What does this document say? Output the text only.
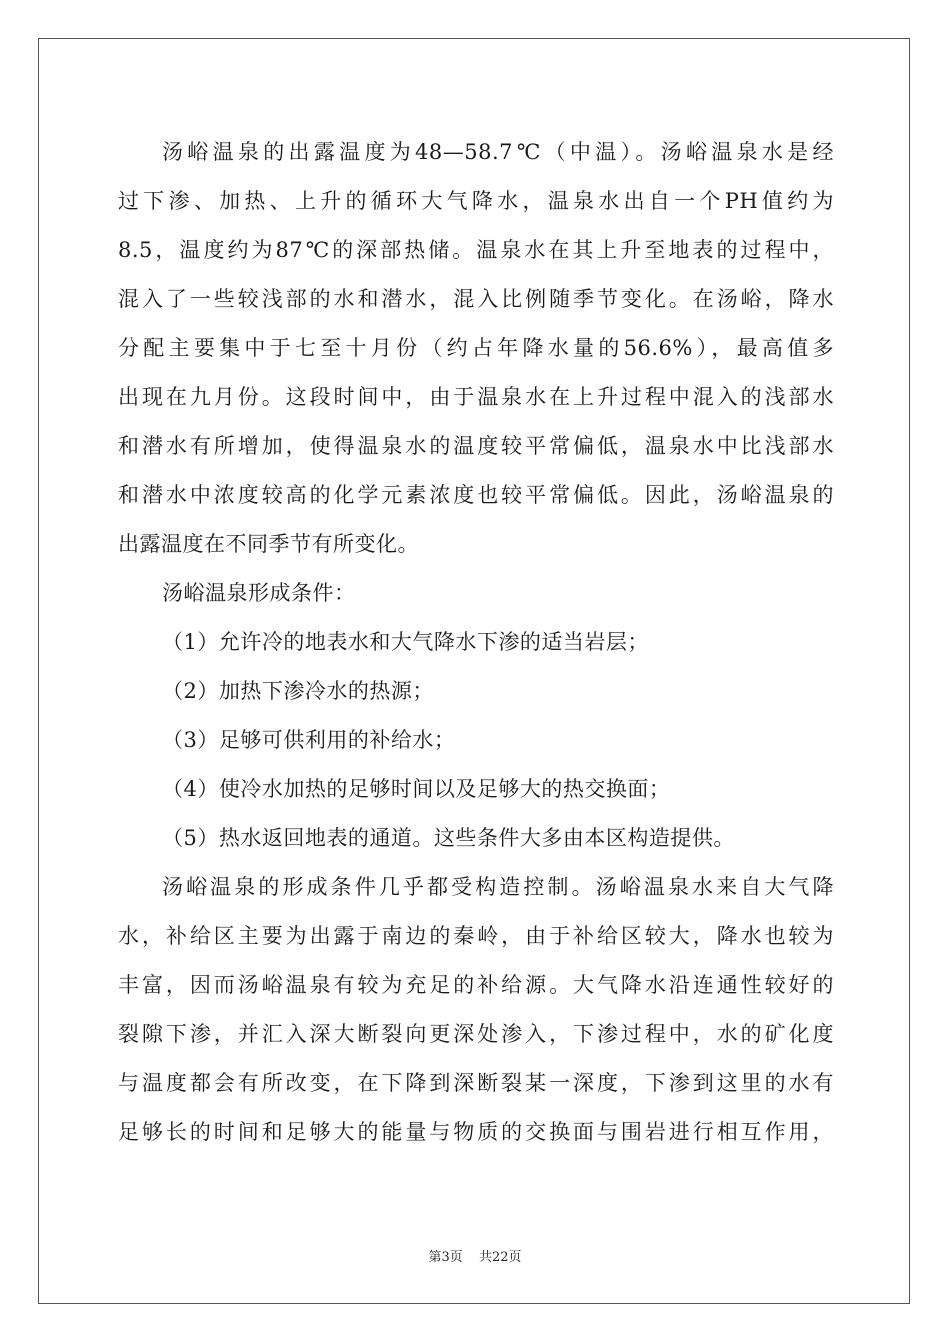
汤峪温泉的出露温度为48—58.7℃（中温）。汤峪温泉水是经
过下渗、加热、上升的循环大气降水，温泉水出自一个PH值约为
8.5，温度约为87℃的深部热储。温泉水在其上升至地表的过程中，
混入了一些较浅部的水和潜水，混入比例随季节变化。在汤峪，降水
分配主要集中于七至十月份（约占年降水量的56.6%），最高值多
出现在九月份。这段时间中，由于温泉水在上升过程中混入的浅部水
和潜水有所增加，使得温泉水的温度较平常偏低，温泉水中比浅部水
和潜水中浓度较高的化学元素浓度也较平常偏低。因此，汤峪温泉的
出露温度在不同季节有所变化。
汤峪温泉形成条件：
（1）允许冷的地表水和大气降水下渗的适当岩层；
（2）加热下渗冷水的热源；
（3）足够可供利用的补给水；
（4）使冷水加热的足够时间以及足够大的热交换面；
（5）热水返回地表的通道。这些条件大多由本区构造提供。
汤峪温泉的形成条件几乎都受构造控制。汤峪温泉水来自大气降
水，补给区主要为出露于南边的秦岭，由于补给区较大，降水也较为
丰富，因而汤峪温泉有较为充足的补给源。大气降水沿连通性较好的
裂隙下渗，并汇入深大断裂向更深处渗入，下渗过程中，水的矿化度
与温度都会有所改变，在下降到深断裂某一深度，下渗到这里的水有
足够长的时间和足够大的能量与物质的交换面与围岩进行相互作用，
第3页 共22页
